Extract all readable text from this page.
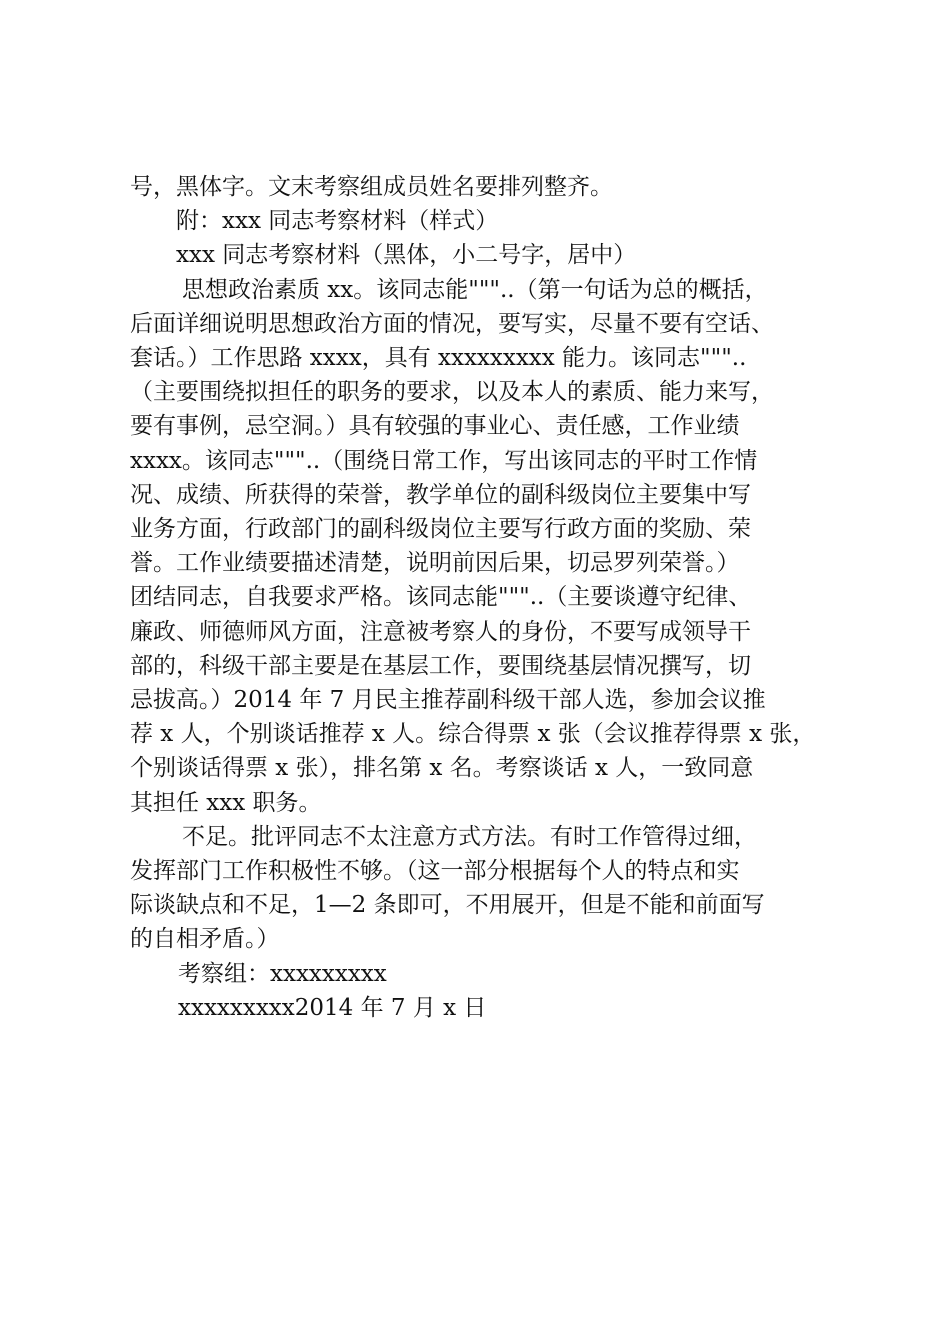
号，黑体字。文末考察组成员姓名要排列整齐。

附：xxx 同志考察材料（样式）

xxx 同志考察材料（黑体，小二号字，居中）

思想政治素质 xx。该同志能"""..（第一句话为总的概括，

后面详细说明思想政治方面的情况，要写实，尽量不要有空话、

套话。）工作思路 xxxx，具有 xxxxxxxxx 能力。该同志"""..

（主要围绕拟担任的职务的要求，以及本人的素质、能力来写，

要有事例，忌空洞。）具有较强的事业心、责任感，工作业绩

xxxx。该同志"""..（围绕日常工作，写出该同志的平时工作情

况、成绩、所获得的荣誉，教学单位的副科级岗位主要集中写

业务方面，行政部门的副科级岗位主要写行政方面的奖励、荣

誉。工作业绩要描述清楚，说明前因后果，切忌罗列荣誉。）

团结同志，自我要求严格。该同志能"""..（主要谈遵守纪律、

廉政、师德师风方面，注意被考察人的身份，不要写成领导干

部的，科级干部主要是在基层工作，要围绕基层情况撰写，切

忌拔高。）2014 年 7 月民主推荐副科级干部人选，参加会议推

荐 x 人，个别谈话推荐 x 人。综合得票 x 张（会议推荐得票 x 张，

个别谈话得票 x 张），排名第 x 名。考察谈话 x 人，一致同意

其担任 xxx 职务。

不足。批评同志不太注意方式方法。有时工作管得过细，

发挥部门工作积极性不够。（这一部分根据每个人的特点和实

际谈缺点和不足，1—2 条即可，不用展开，但是不能和前面写

的自相矛盾。）

考察组：xxxxxxxxx

xxxxxxxxx2014 年 7 月 x 日
